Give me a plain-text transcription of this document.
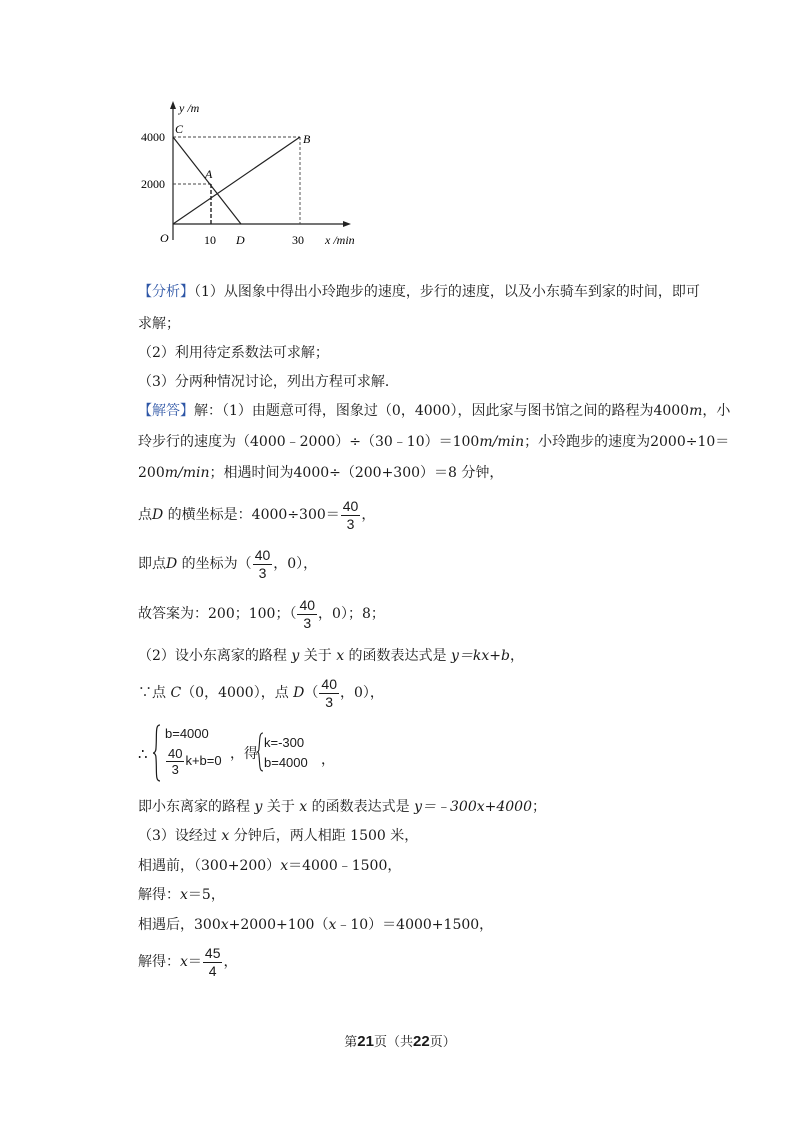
y /m
C
B
A
D
O
4000
2000
10	30 x /min
【分析】（1）从图象中得出小玲跑步的速度，步行的速度，以及小东骑车到家的时间，即可
求解；
（2）利用待定系数法可求解；
（3）分两种情况讨论，列出方程可求解．
【解答】解：（1）由题意可得，图象过（0，4000），因此家与图书馆之间的路程为4000m，小
玲步行的速度为（4000﹣2000）÷（30﹣10）＝100m/min；小玲跑步的速度为2000÷10＝
200m/min；相遇时间为4000÷（200+300）＝8 分钟，
点D 的横坐标是：$4000\div 300= \frac{40}{3}$ ，
即点D 的坐标为（ $\frac{40}{3}$ ，0），
故答案为：200；100；（ $\frac{40}{3}$ ，0）；8；
（2）设小东离家的路程 y 关于 x 的函数表达式是 y＝kx+b，
∵点 C（0，4000），点 $D( \frac{40}{3}$ ，0），
∴
b=4000
$\frac{40}{3} k+b=0$ ，得
k=-300
b=4000 ，
即小东离家的路程 y 关于 x 的函数表达式是 y＝﹣300x+4000；
（3）设经过 x 分钟后，两人相距 1500 米，
相遇前，（300+200）x＝4000﹣1500，
解得：x＝5，
相遇后，300x+2000+100（x﹣10）＝4000+1500，
解得：$x= \frac{45}{4}$ ，
第21页（共22页）
